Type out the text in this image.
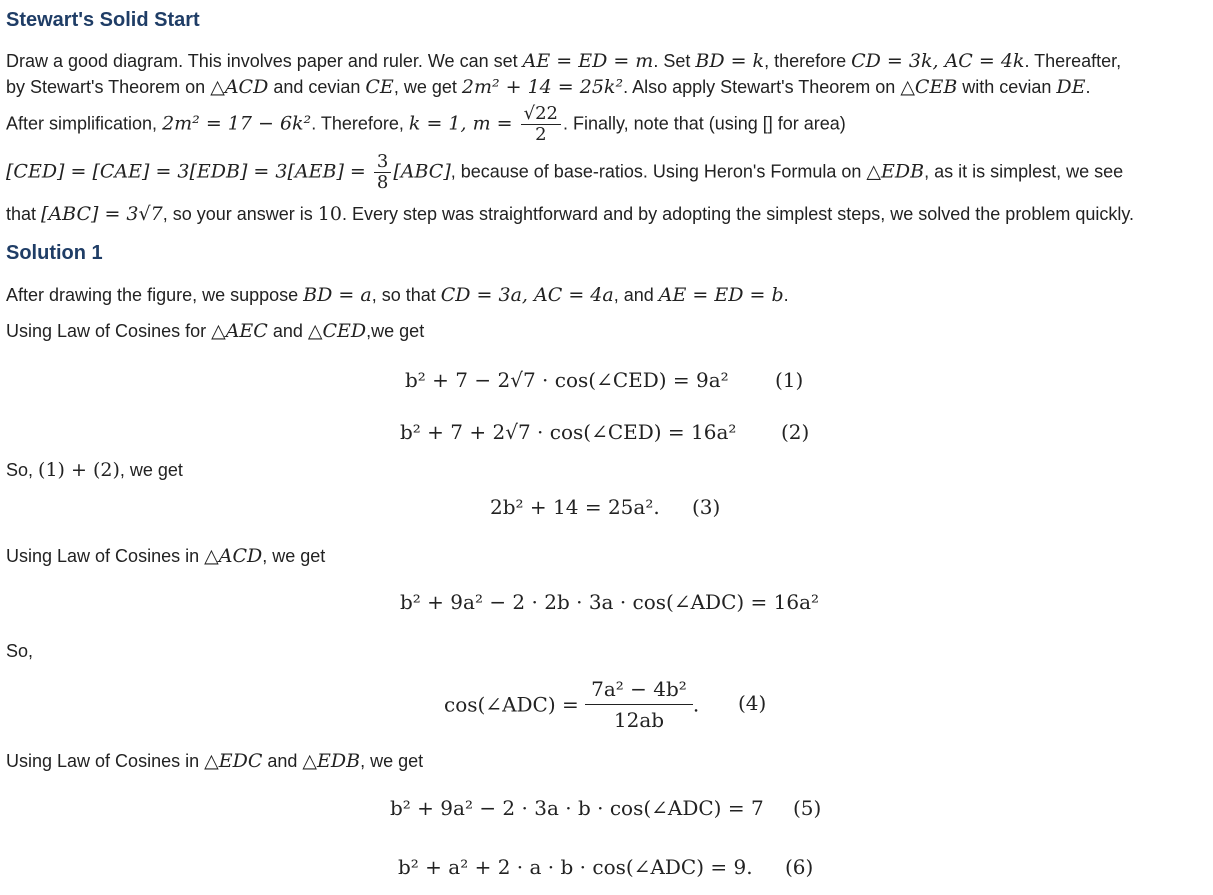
Stewart's Solid Start
Draw a good diagram. This involves paper and ruler. We can set AE = ED = m. Set BD = k, therefore CD = 3k, AC = 4k. Thereafter,
by Stewart's Theorem on △ACD and cevian CE, we get 2m² + 14 = 25k². Also apply Stewart's Theorem on △CEB with cevian DE.
After simplification, 2m² = 17 − 6k². Therefore, k = 1, $m = \frac{√22}{2}$ . Finally, note that (using [] for area)
$[CED] = [CAE] = 3[EDB] = 3[AEB] = \frac{3}{8} [ABC]$, because of base-ratios. Using Heron's Formula on △EDB, as it is simplest, we see
that [ABC] = 3√7, so your answer is 10. Every step was straightforward and by adopting the simplest steps, we solved the problem quickly.
Solution 1
After drawing the figure, we suppose BD = a, so that CD = 3a, AC = 4a, and AE = ED = b.
Using Law of Cosines for △AEC and △CED,we get
b² + 7 − 2√7 · cos(∠CED) = 9a² (1)
b² + 7 + 2√7 · cos(∠CED) = 16a² (2)
So, (1) + (2), we get
2b² + 14 = 25a². (3)
Using Law of Cosines in △ACD, we get
b² + 9a² − 2 · 2b · 3a · cos(∠ADC) = 16a²
So,
cos(∠ADC) = $\frac{\text{7a² − 4b²}}{12ab}$ . (4)
Using Law of Cosines in △EDC and △EDB, we get
b² + 9a² − 2 · 3a · b · cos(∠ADC) = 7 (5)
b² + a² + 2 · a · b · cos(∠ADC) = 9. (6)
